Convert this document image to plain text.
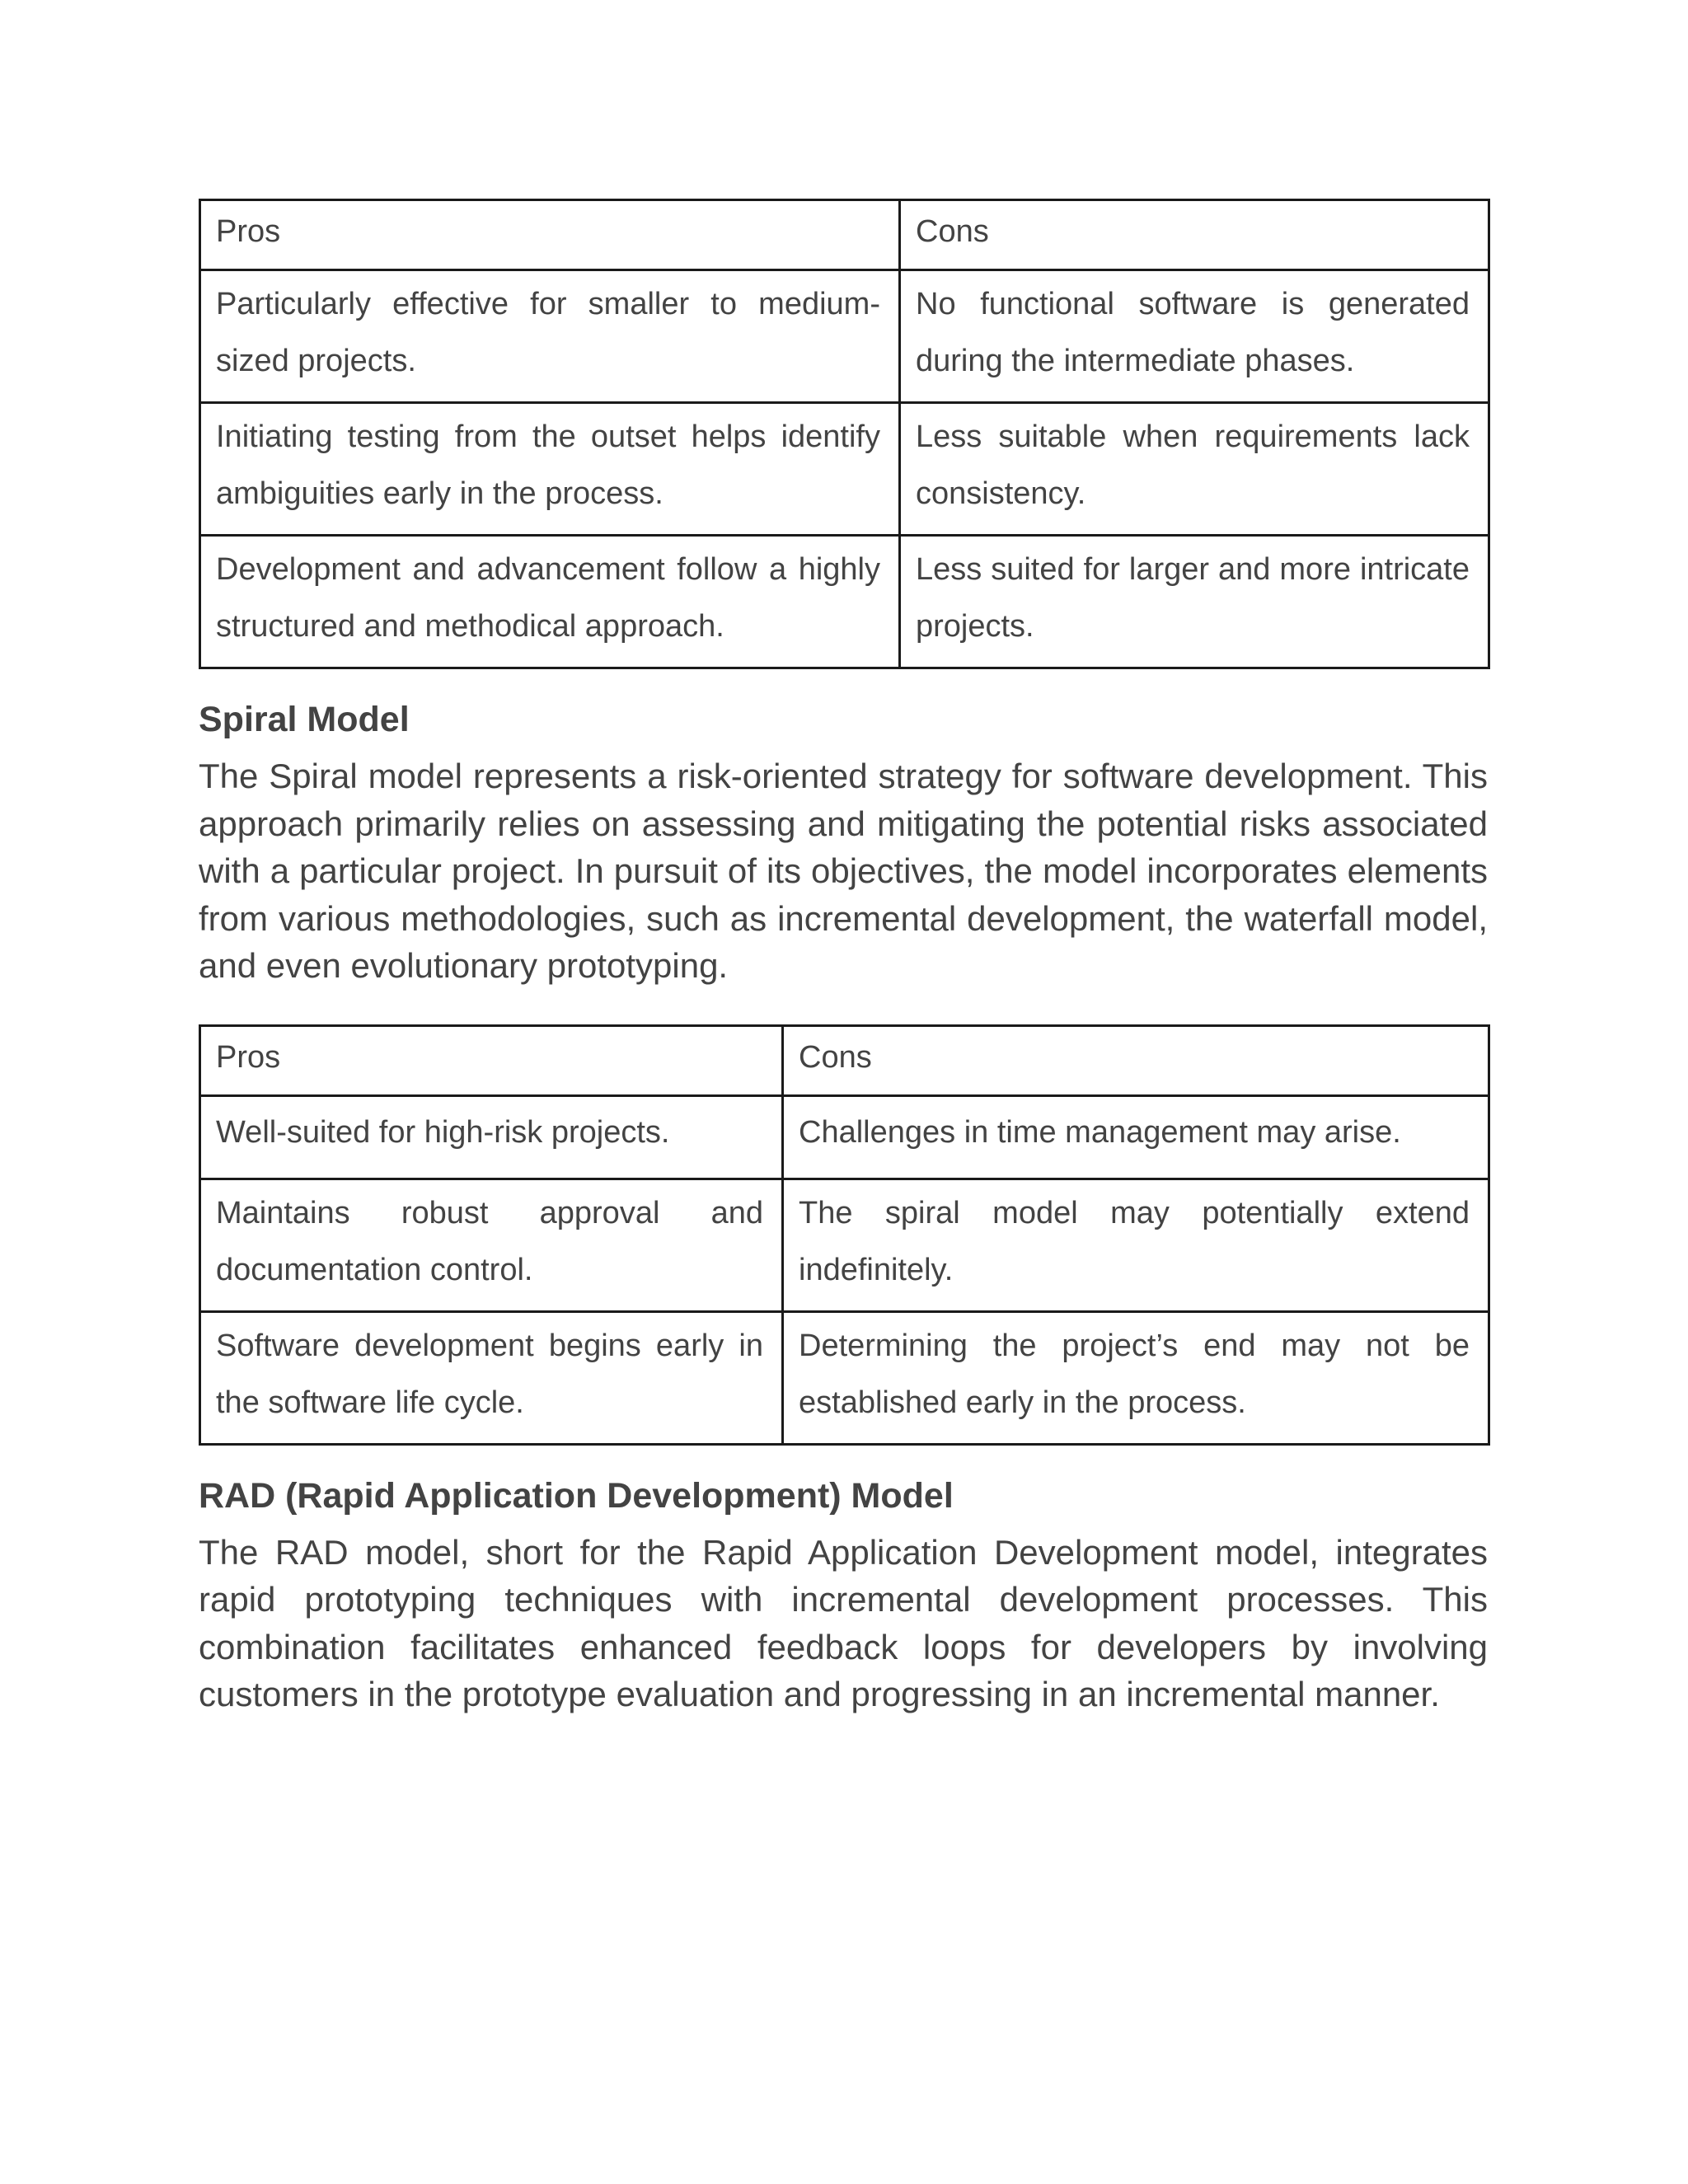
Pros	Cons
Particularly effective for smaller to medium-sized projects.	No functional software is generated during the intermediate phases.
Initiating testing from the outset helps identify ambiguities early in the process.	Less suitable when requirements lack consistency.
Development and advancement follow a highly structured and methodical approach.	Less suited for larger and more intricate projects.
Spiral Model

The Spiral model represents a risk-oriented strategy for software development. This approach primarily relies on assessing and mitigating the potential risks associated with a particular project. In pursuit of its objectives, the model incorporates elements from various methodologies, such as incremental development, the waterfall model, and even evolutionary prototyping.

Pros	Cons
Well-suited for high-risk projects.	Challenges in time management may arise.
Maintains robust approval and documentation control.	The spiral model may potentially extend indefinitely.
Software development begins early in the software life cycle.	Determining the project’s end may not be established early in the process.
RAD (Rapid Application Development) Model

The RAD model, short for the Rapid Application Development model, integrates rapid prototyping techniques with incremental development processes. This combination facilitates enhanced feedback loops for developers by involving customers in the prototype evaluation and progressing in an incremental manner.
